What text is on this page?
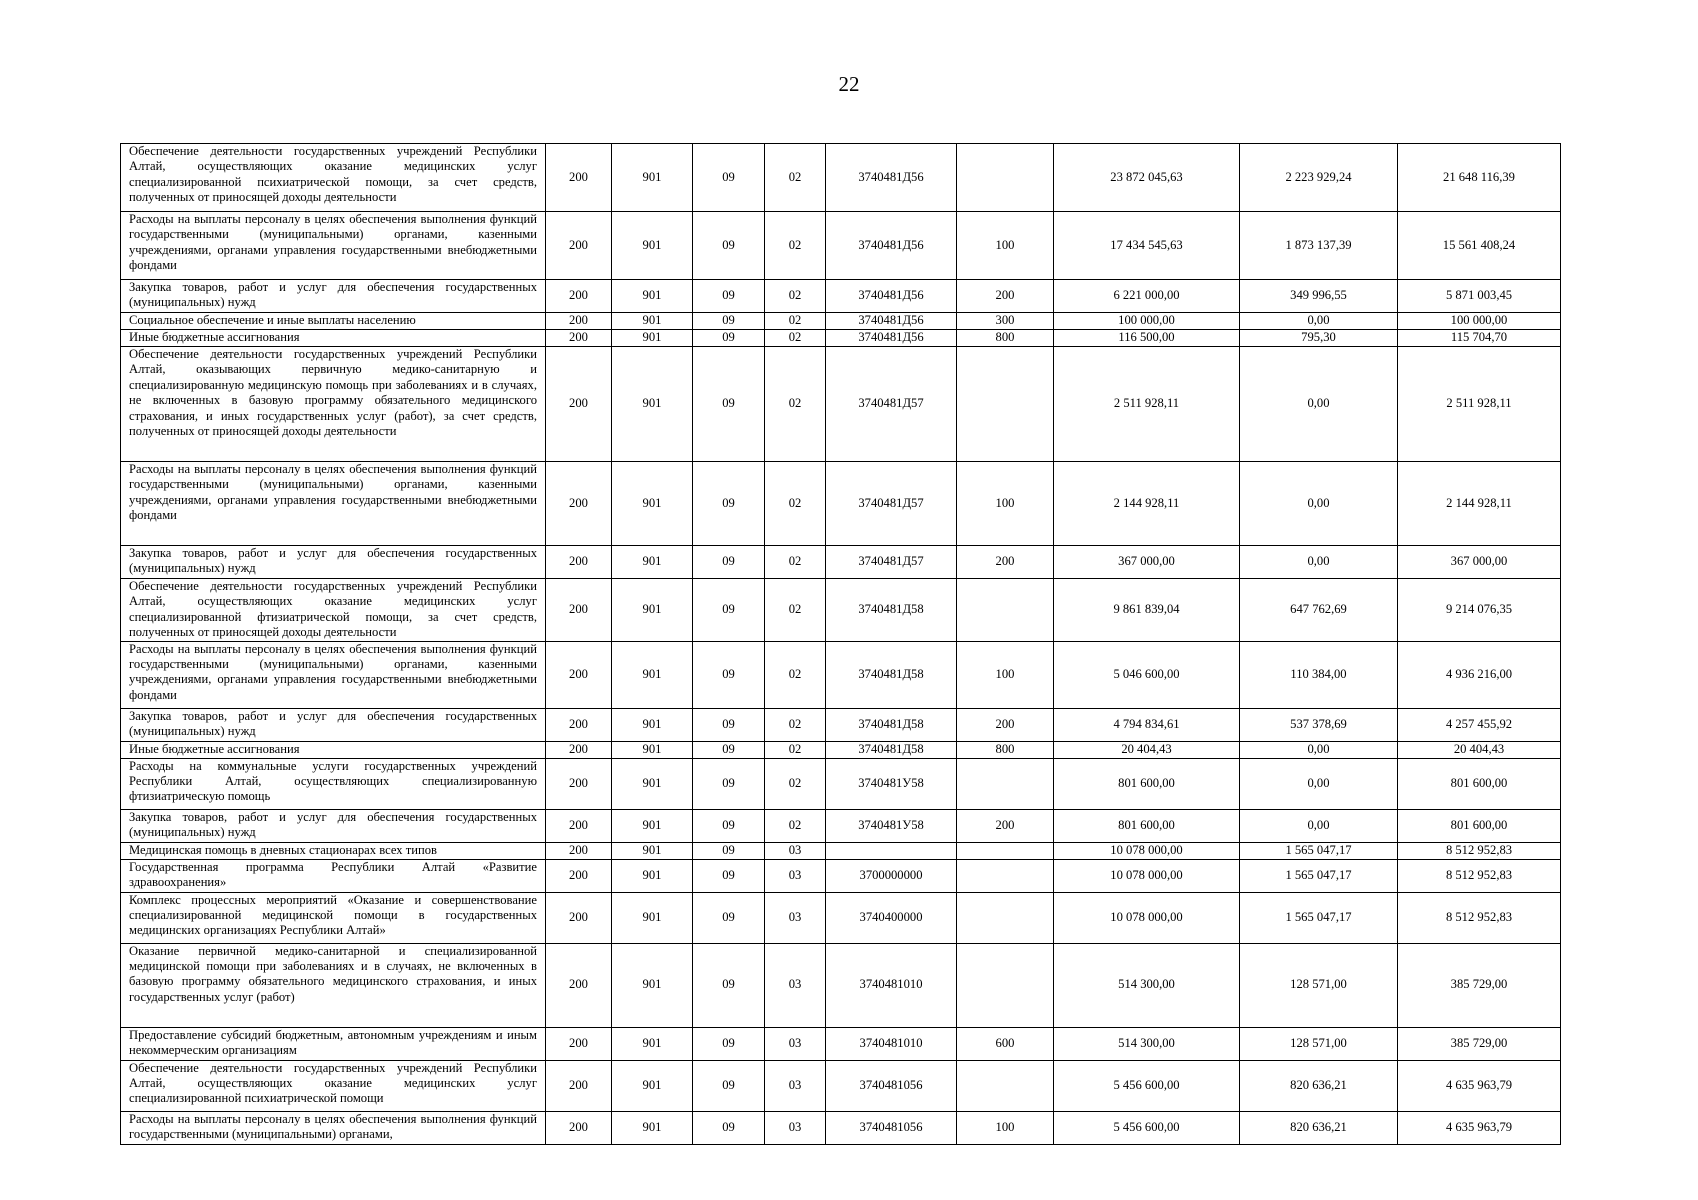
22
Обеспечение деятельности государственных учреждений Республики Алтай, осуществляющих оказание медицинских услуг специализированной психиатрической помощи, за счет средств, полученных от приносящей доходы деятельности	200	901	09	02	3740481Д56		23 872 045,63	2 223 929,24	21 648 116,39
Расходы на выплаты персоналу в целях обеспечения выполнения функций государственными (муниципальными) органами, казенными учреждениями, органами управления государственными внебюджетными фондами	200	901	09	02	3740481Д56	100	17 434 545,63	1 873 137,39	15 561 408,24
Закупка товаров, работ и услуг для обеспечения государственных (муниципальных) нужд	200	901	09	02	3740481Д56	200	6 221 000,00	349 996,55	5 871 003,45
Социальное обеспечение и иные выплаты населению	200	901	09	02	3740481Д56	300	100 000,00	0,00	100 000,00
Иные бюджетные ассигнования	200	901	09	02	3740481Д56	800	116 500,00	795,30	115 704,70
Обеспечение деятельности государственных учреждений Республики Алтай, оказывающих первичную медико-санитарную и специализированную медицинскую помощь при заболеваниях и в случаях, не включенных в базовую программу обязательного медицинского страхования, и иных государственных услуг (работ), за счет средств, полученных от приносящей доходы деятельности	200	901	09	02	3740481Д57		2 511 928,11	0,00	2 511 928,11
Расходы на выплаты персоналу в целях обеспечения выполнения функций государственными (муниципальными) органами, казенными учреждениями, органами управления государственными внебюджетными фондами	200	901	09	02	3740481Д57	100	2 144 928,11	0,00	2 144 928,11
Закупка товаров, работ и услуг для обеспечения государственных (муниципальных) нужд	200	901	09	02	3740481Д57	200	367 000,00	0,00	367 000,00
Обеспечение деятельности государственных учреждений Республики Алтай, осуществляющих оказание медицинских услуг специализированной фтизиатрической помощи, за счет средств, полученных от приносящей доходы деятельности	200	901	09	02	3740481Д58		9 861 839,04	647 762,69	9 214 076,35
Расходы на выплаты персоналу в целях обеспечения выполнения функций государственными (муниципальными) органами, казенными учреждениями, органами управления государственными внебюджетными фондами	200	901	09	02	3740481Д58	100	5 046 600,00	110 384,00	4 936 216,00
Закупка товаров, работ и услуг для обеспечения государственных (муниципальных) нужд	200	901	09	02	3740481Д58	200	4 794 834,61	537 378,69	4 257 455,92
Иные бюджетные ассигнования	200	901	09	02	3740481Д58	800	20 404,43	0,00	20 404,43
Расходы на коммунальные услуги государственных учреждений Республики Алтай, осуществляющих специализированную фтизиатрическую помощь	200	901	09	02	3740481У58		801 600,00	0,00	801 600,00
Закупка товаров, работ и услуг для обеспечения государственных (муниципальных) нужд	200	901	09	02	3740481У58	200	801 600,00	0,00	801 600,00
Медицинская помощь в дневных стационарах всех типов	200	901	09	03			10 078 000,00	1 565 047,17	8 512 952,83
Государственная программа Республики Алтай «Развитие здравоохранения»	200	901	09	03	3700000000		10 078 000,00	1 565 047,17	8 512 952,83
Комплекс процессных мероприятий «Оказание и совершенствование специализированной медицинской помощи в государственных медицинских организациях Республики Алтай»	200	901	09	03	3740400000		10 078 000,00	1 565 047,17	8 512 952,83
Оказание первичной медико-санитарной и специализированной медицинской помощи при заболеваниях и в случаях, не включенных в базовую программу обязательного медицинского страхования, и иных государственных услуг (работ)	200	901	09	03	3740481010		514 300,00	128 571,00	385 729,00
Предоставление субсидий бюджетным, автономным учреждениям и иным некоммерческим организациям	200	901	09	03	3740481010	600	514 300,00	128 571,00	385 729,00
Обеспечение деятельности государственных учреждений Республики Алтай, осуществляющих оказание медицинских услуг специализированной психиатрической помощи	200	901	09	03	3740481056		5 456 600,00	820 636,21	4 635 963,79
Расходы на выплаты персоналу в целях обеспечения выполнения функций государственными (муниципальными) органами,	200	901	09	03	3740481056	100	5 456 600,00	820 636,21	4 635 963,79
